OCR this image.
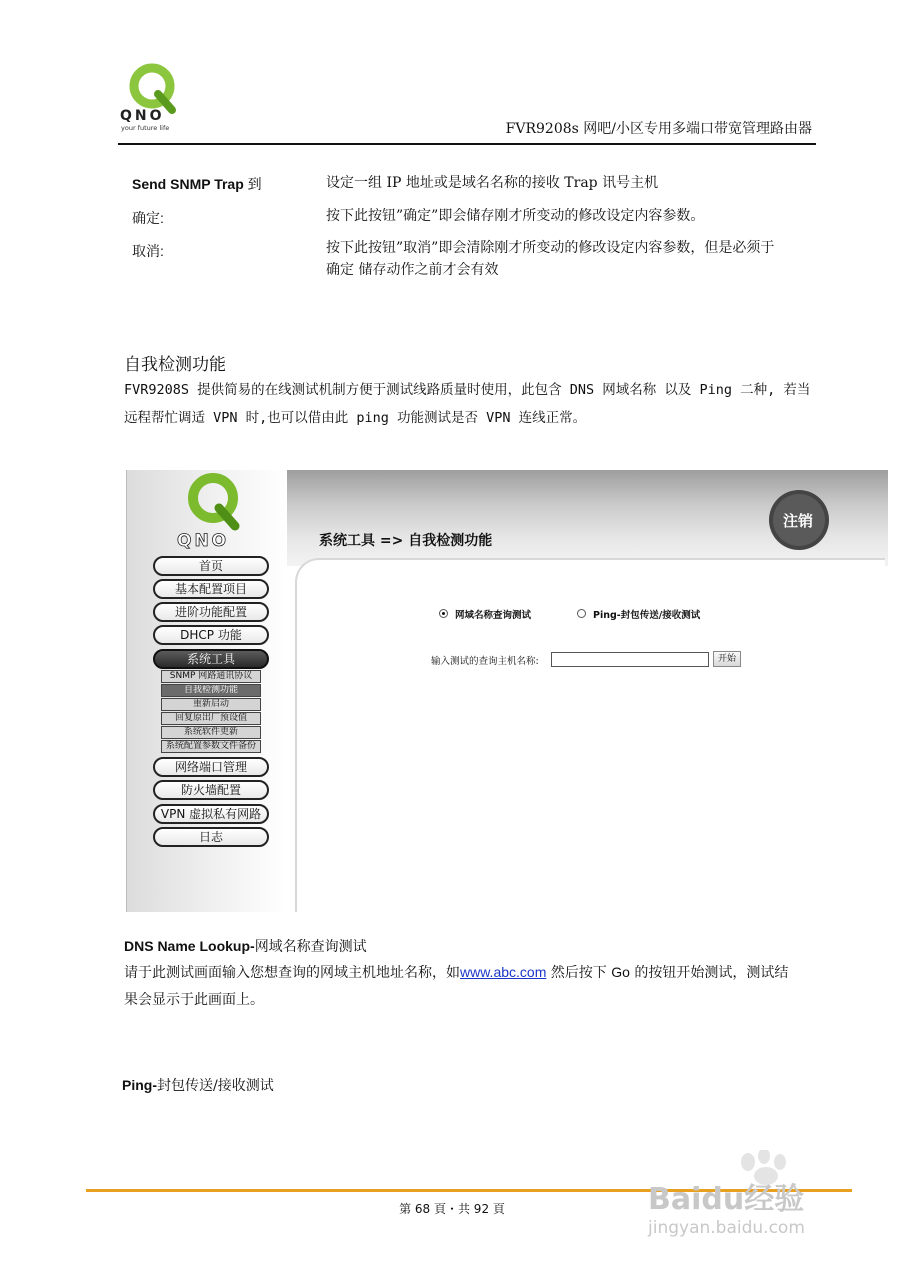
QNO
your future life	FVR9208s 网吧/小区专用多端口带宽管理路由器
Send SNMP Trap 到	设定一组 IP 地址或是域名名称的接收 Trap 讯号主机
确定:	按下此按钮”确定”即会储存刚才所变动的修改设定内容参数。
取消:	按下此按钮”取消”即会清除刚才所变动的修改设定内容参数，但是必须于确定 储存动作之前才会有效
自我检测功能
FVR9208S 提供简易的在线测试机制方便于测试线路质量时使用，此包含 DNS 网域名称 以及 Ping 二种, 若当
远程帮忙调适 VPN 时,也可以借由此 ping 功能测试是否 VPN 连线正常。
QNO
注销
系统工具 => 自我检测功能
首页
基本配置项目
进阶功能配置
DHCP 功能
系统工具
SNMP 网路通讯协议
自我检测功能
重新启动
回复原出厂预设值
系统软件更新
系统配置参数文件备份
网络端口管理
防火墙配置
VPN 虚拟私有网路
日志
网域名称查询测试	Ping-封包传送/接收测试
输入测试的查询主机名称:	开始
DNS Name Lookup-网域名称查询测试
请于此测试画面输入您想查询的网域主机地址名称，如www.abc.com 然后按下 Go 的按钮开始测试，测试结
果会显示于此画面上。
Ping-封包传送/接收测试
第 68 頁・共 92 頁	Baidu经验
jingyan.baidu.com
